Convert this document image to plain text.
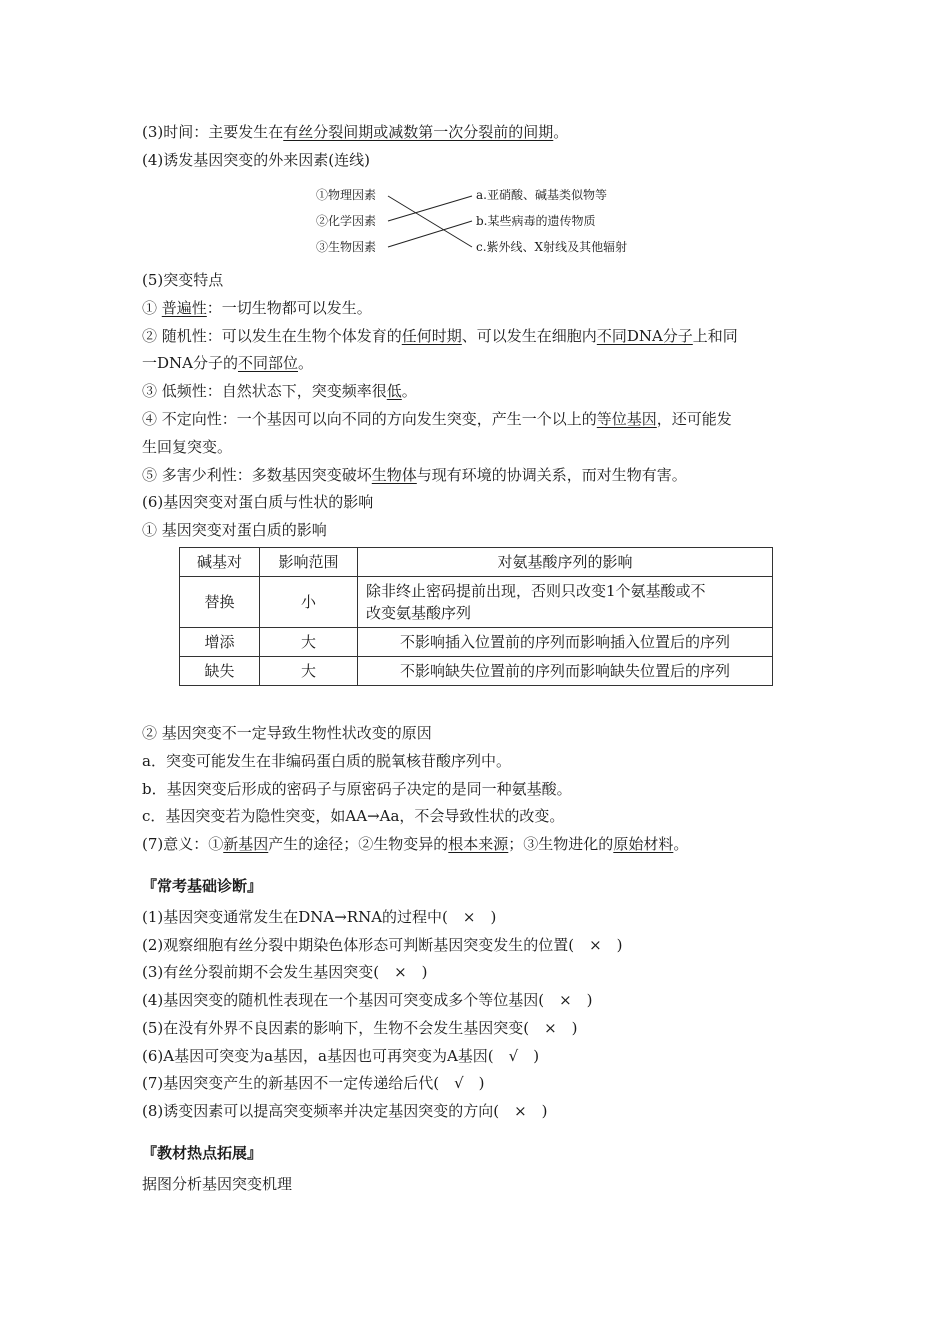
(3)时间：主要发生在有丝分裂间期或减数第一次分裂前的间期。
(4)诱发基因突变的外来因素(连线)
①物理因素
②化学因素
③生物因素
a.亚硝酸、碱基类似物等
b.某些病毒的遗传物质
c.紫外线、X射线及其他辐射
(5)突变特点
① 普遍性：一切生物都可以发生。
② 随机性：可以发生在生物个体发育的任何时期、可以发生在细胞内不同DNA分子上和同
一DNA分子的不同部位。
③ 低频性：自然状态下，突变频率很低。
④ 不定向性：一个基因可以向不同的方向发生突变，产生一个以上的等位基因，还可能发
生回复突变。
⑤ 多害少利性：多数基因突变破坏生物体与现有环境的协调关系，而对生物有害。
(6)基因突变对蛋白质与性状的影响
① 基因突变对蛋白质的影响
碱基对	影响范围	对氨基酸序列的影响
替换	小	除非终止密码提前出现，否则只改变1个氨基酸或不
改变氨基酸序列

增添	大	不影响插入位置前的序列而影响插入位置后的序列
缺失	大	不影响缺失位置前的序列而影响缺失位置后的序列
② 基因突变不一定导致生物性状改变的原因
a．突变可能发生在非编码蛋白质的脱氧核苷酸序列中。
b．基因突变后形成的密码子与原密码子决定的是同一种氨基酸。
c．基因突变若为隐性突变，如AA→Aa，不会导致性状的改变。
(7)意义：①新基因产生的途径；②生物变异的根本来源；③生物进化的原始材料。
『常考基础诊断』
(1)基因突变通常发生在DNA→RNA的过程中(　×　)
(2)观察细胞有丝分裂中期染色体形态可判断基因突变发生的位置(　×　)
(3)有丝分裂前期不会发生基因突变(　×　)
(4)基因突变的随机性表现在一个基因可突变成多个等位基因(　×　)
(5)在没有外界不良因素的影响下，生物不会发生基因突变(　×　)
(6)A基因可突变为a基因，a基因也可再突变为A基因(　√　)
(7)基因突变产生的新基因不一定传递给后代(　√　)
(8)诱变因素可以提高突变频率并决定基因突变的方向(　×　)
『教材热点拓展』
据图分析基因突变机理
